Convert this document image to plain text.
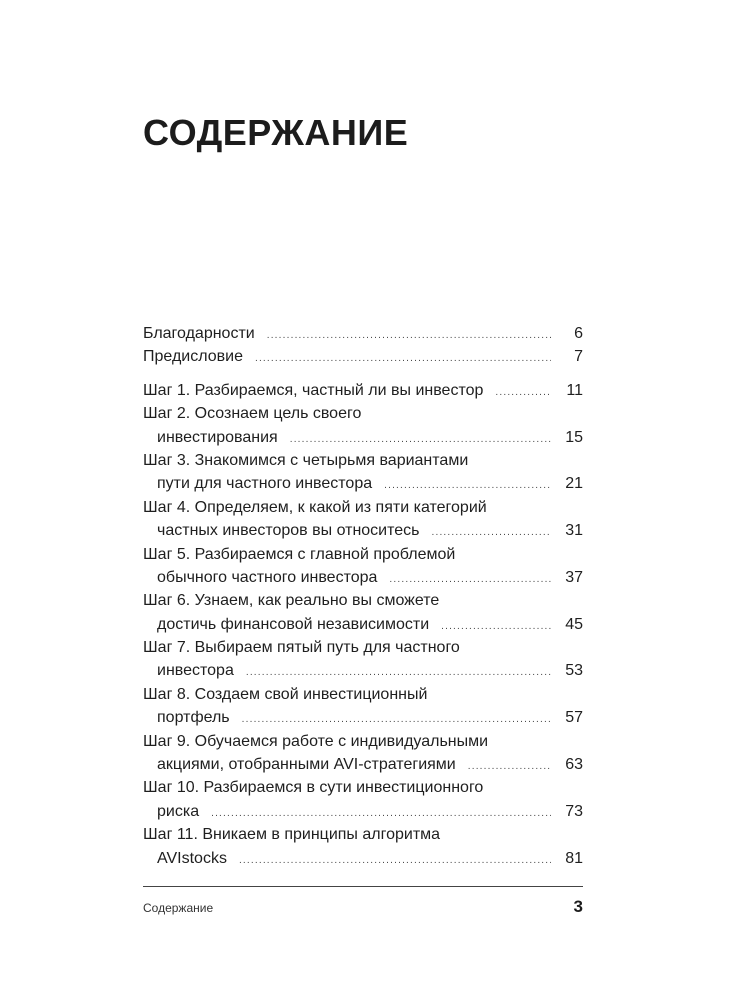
СОДЕРЖАНИЕ
Благодарности .....	6
Предисловие .....	7
Шаг 1. Разбираемся, частный ли вы инвестор .....	11
Шаг 2. Осознаем цель своего
инвестирования .....	15
Шаг 3. Знакомимся с четырьмя вариантами
пути для частного инвестора .....	21
Шаг 4. Определяем, к какой из пяти категорий
частных инвесторов вы относитесь .....	31
Шаг 5. Разбираемся с главной проблемой
обычного частного инвестора .....	37
Шаг 6. Узнаем, как реально вы сможете
достичь финансовой независимости .....	45
Шаг 7. Выбираем пятый путь для частного
инвестора .....	53
Шаг 8. Создаем свой инвестиционный
портфель .....	57
Шаг 9. Обучаемся работе с индивидуальными
акциями, отобранными AVI-стратегиями .....	63
Шаг 10. Разбираемся в сути инвестиционного
риска .....	73
Шаг 11. Вникаем в принципы алгоритма
AVIstocks .....	81
Содержание	3
